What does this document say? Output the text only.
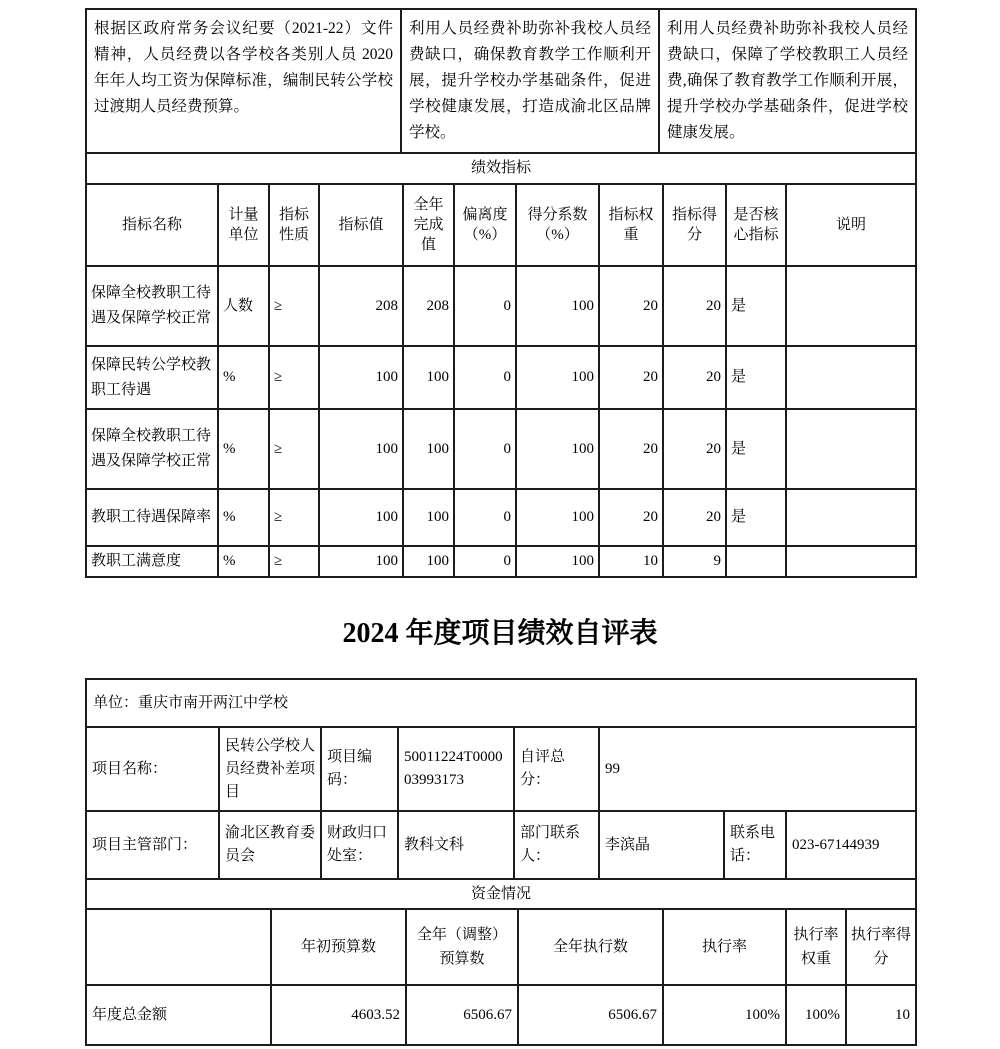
根据区政府常务会议纪要（2021-22）文件精神，人员经费以各学校各类别人员 2020 年年人均工资为保障标准，编制民转公学校过渡期人员经费预算。	利用人员经费补助弥补我校人员经费缺口，确保教育教学工作顺利开展，提升学校办学基础条件，促进学校健康发展，打造成渝北区品牌学校。	利用人员经费补助弥补我校人员经费缺口，保障了学校教职工人员经费,确保了教育教学工作顺利开展，提升学校办学基础条件，促进学校健康发展。
绩效指标										
指标名称	计量单位	指标性质	指标值	全年完成值	偏离度（%）	得分系数（%）	指标权重	指标得分	是否核心指标	说明
保障全校教职工待遇及保障学校正常	人数	≥	208	208	0	100	20	20	是	
保障民转公学校教职工待遇	%	≥	100	100	0	100	20	20	是	
保障全校教职工待遇及保障学校正常	%	≥	100	100	0	100	20	20	是	
教职工待遇保障率	%	≥	100	100	0	100	20	20	是	
教职工满意度	%	≥	100	100	0	100	10	9		
2024 年度项目绩效自评表
单位：重庆市南开两江中学校
项目名称：	民转公学校人员经费补差项目	项目编码：	50011224T000003993173	自评总分：	99
项目主管部门：	渝北区教育委员会	财政归口处室：	教科文科	部门联系人：	李滨晶	联系电话：	023-67144939
资金情况						
	年初预算数	全年（调整）预算数	全年执行数	执行率	执行率权重	执行率得分
年度总金额	4603.52	6506.67	6506.67	100%	100%	10
